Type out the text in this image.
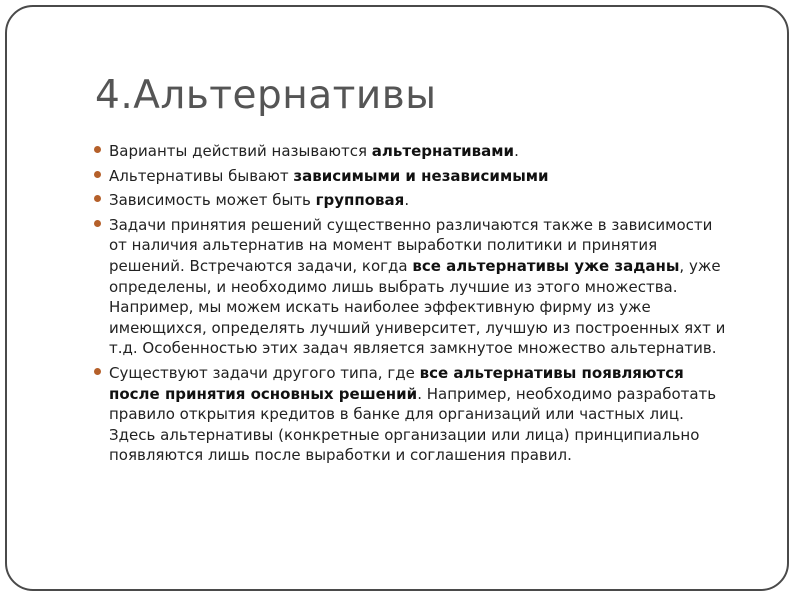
4.Альтернативы
Варианты действий называются альтернативами.
Альтернативы бывают зависимыми и независимыми
Зависимость может быть групповая.
Задачи принятия решений существенно различаются также в зависимости от наличия альтернатив на момент выработки политики и принятия решений. Встречаются задачи, когда все альтернативы уже заданы, уже определены, и необходимо лишь выбрать лучшие из этого множества. Например, мы можем искать наиболее эффективную фирму из уже имеющихся, определять лучший университет, лучшую из построенных яхт и т.д. Особенностью этих задач является замкнутое множество альтернатив.
Существуют задачи другого типа, где все альтернативы появляются после принятия основных решений. Например, необходимо разработать правило открытия кредитов в банке для организаций или частных лиц. Здесь альтернативы (конкретные организации или лица) принципиально появляются лишь после выработки и соглашения правил.
